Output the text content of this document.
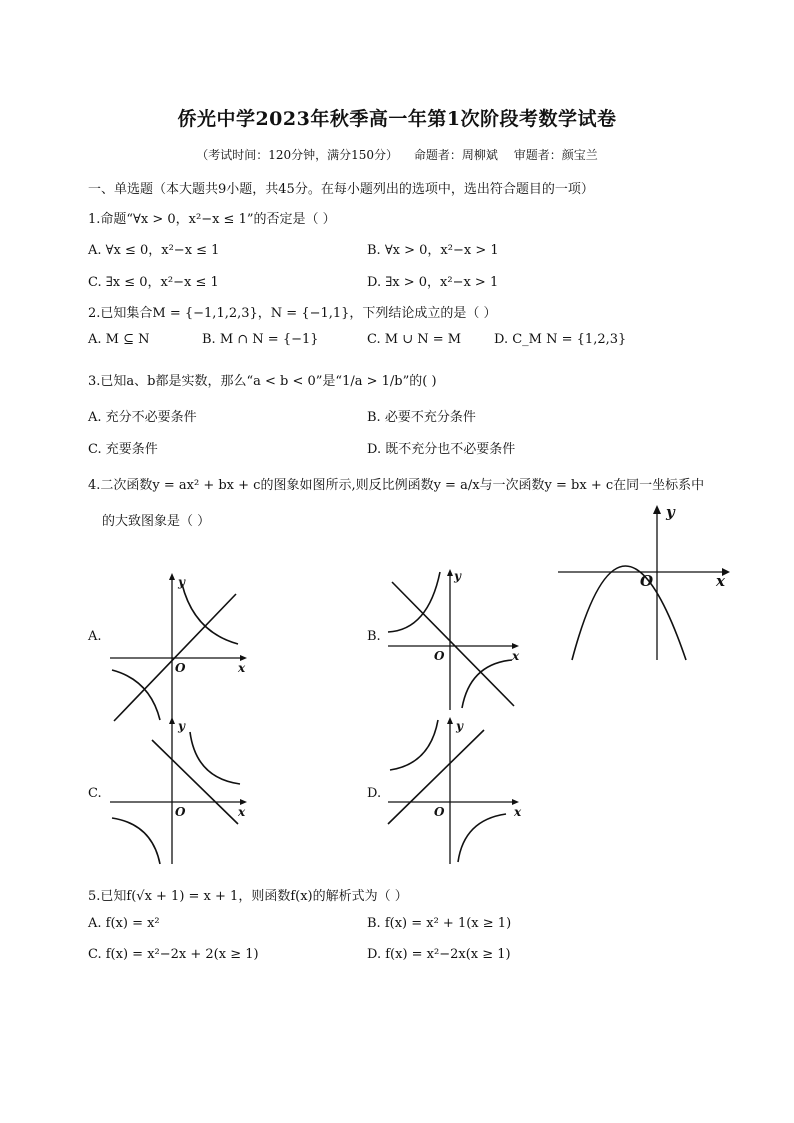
侨光中学2023年秋季高一年第1次阶段考数学试卷
（考试时间：120分钟，满分150分） 命题者：周柳斌 审题者：颜宝兰
一、单选题（本大题共9小题，共45分。在每小题列出的选项中，选出符合题目的一项）
1.命题“∀x > 0，x²−x ≤ 1”的否定是（ ）
A. ∀x ≤ 0，x²−x ≤ 1	B. ∀x > 0，x²−x > 1
C. ∃x ≤ 0，x²−x ≤ 1	D. ∃x > 0，x²−x > 1
2.已知集合M = {−1,1,2,3}，N = {−1,1}，下列结论成立的是（ ）
A. M ⊆ N	B. M ∩ N = {−1}	C. M ∪ N = M	D. C_M N = {1,2,3}
3.已知a、b都是实数，那么“a < b < 0”是“1/a > 1/b”的( )
A. 充分不必要条件	B. 必要不充分条件
C. 充要条件	D. 既不充分也不必要条件
4.二次函数y = ax² + bx + c的图象如图所示,则反比例函数y = a/x与一次函数y = bx + c在同一坐标系中
的大致图象是（ ）
y
x
O
A.
y
x
O
B.
y
x
O
C.
y
x
O
D.
y
x
O
5.已知f(√x + 1) = x + 1，则函数f(x)的解析式为（ ）
A. f(x) = x²	B. f(x) = x² + 1(x ≥ 1)
C. f(x) = x²−2x + 2(x ≥ 1)	D. f(x) = x²−2x(x ≥ 1)
